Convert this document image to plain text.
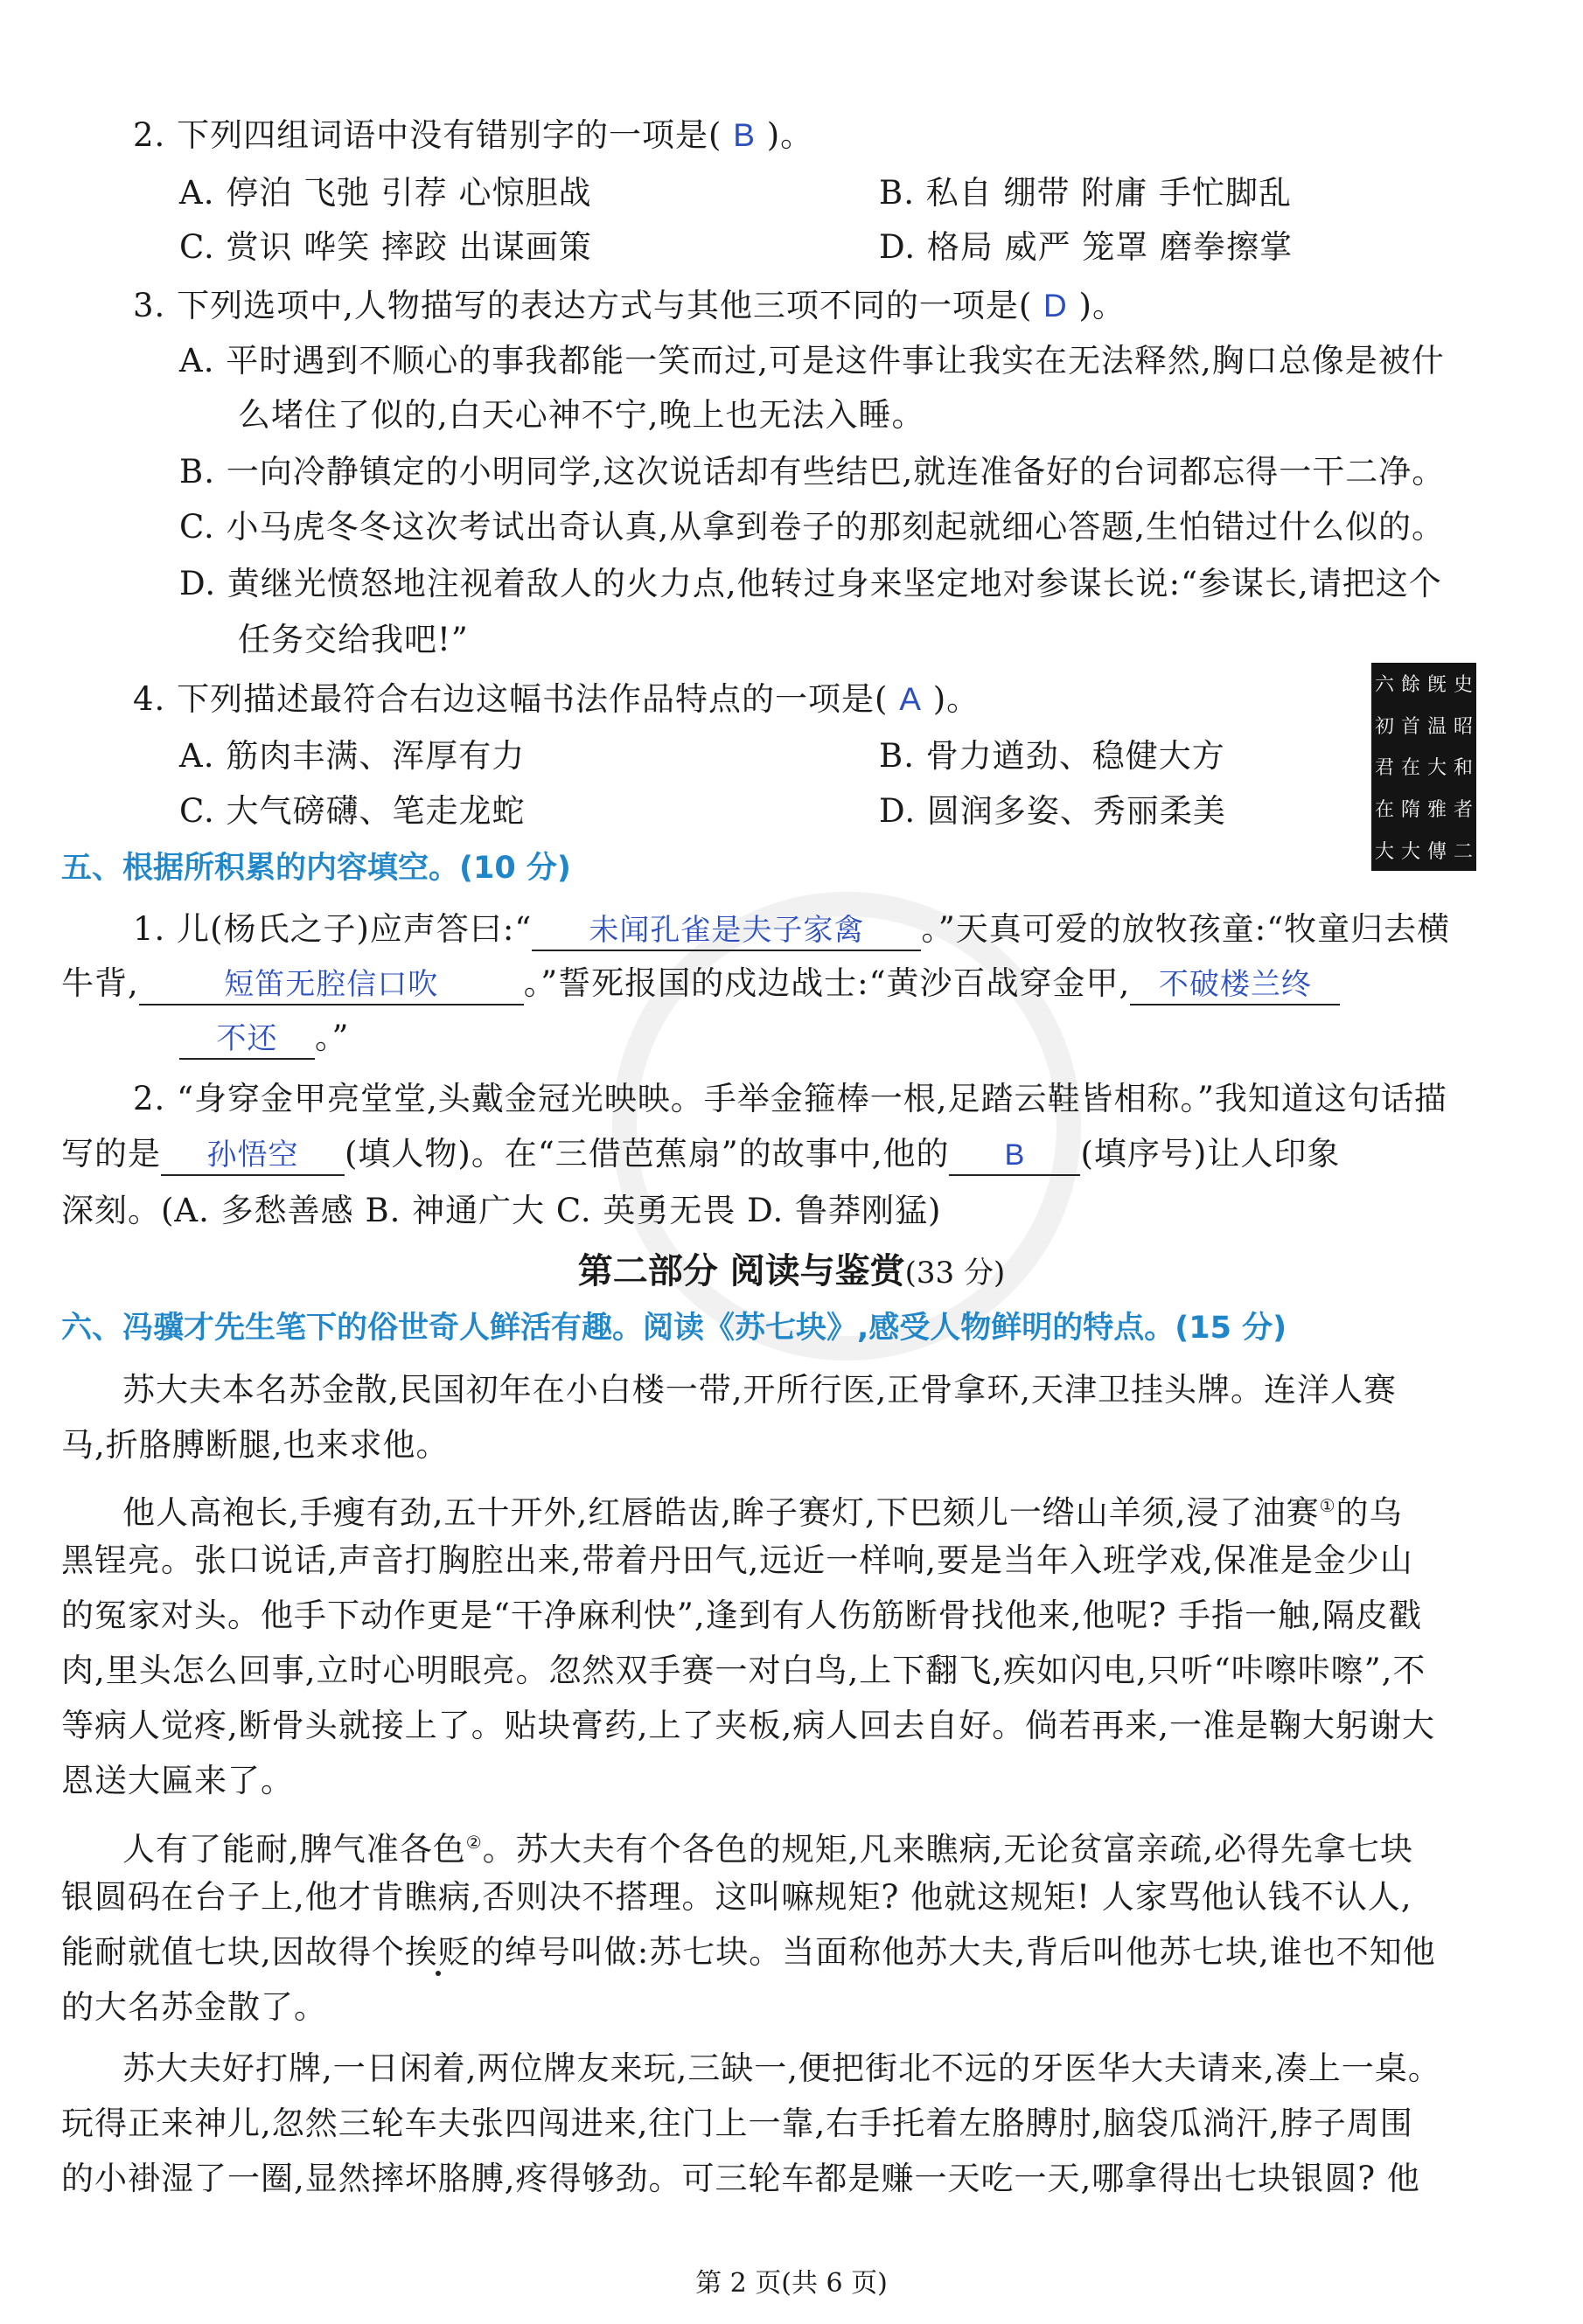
2. 下列四组词语中没有错别字的一项是( B )。
A. 停泊 飞弛 引荐 心惊胆战	B. 私自 绷带 附庸 手忙脚乱
C. 赏识 哗笑 摔跤 出谋画策	D. 格局 威严 笼罩 磨拳擦掌
3. 下列选项中,人物描写的表达方式与其他三项不同的一项是( D )。
A. 平时遇到不顺心的事我都能一笑而过,可是这件事让我实在无法释然,胸口总像是被什
么堵住了似的,白天心神不宁,晚上也无法入睡。
B. 一向冷静镇定的小明同学,这次说话却有些结巴,就连准备好的台词都忘得一干二净。
C. 小马虎冬冬这次考试出奇认真,从拿到卷子的那刻起就细心答题,生怕错过什么似的。
D. 黄继光愤怒地注视着敌人的火力点,他转过身来坚定地对参谋长说:“参谋长,请把这个
任务交给我吧!”
4. 下列描述最符合右边这幅书法作品特点的一项是( A )。
A. 筋肉丰满、浑厚有力	B. 骨力遒劲、稳健大方
C. 大气磅礴、笔走龙蛇	D. 圆润多姿、秀丽柔美
六 餘 旣 史
初 首 温 昭
君 在 大 和
在 隋 雅 者
大 大 傳 二
五、根据所积累的内容填空。(10 分)
1. 儿(杨氏之子)应声答曰:“ 未闻孔雀是夫子家禽 。”天真可爱的放牧孩童:“牧童归去横
牛背,	短笛无腔信口吹	。”誓死报国的戍边战士:“黄沙百战穿金甲, 不破楼兰终
不还 。”
2. “身穿金甲亮堂堂,头戴金冠光映映。手举金箍棒一根,足踏云鞋皆相称。”我知道这句话描
写的是 孙悟空 (填人物)。在“三借芭蕉扇”的故事中,他的 B (填序号)让人印象
深刻。(A. 多愁善感 B. 神通广大 C. 英勇无畏 D. 鲁莽刚猛)
第二部分 阅读与鉴赏(33 分)
六、冯骥才先生笔下的俗世奇人鲜活有趣。阅读《苏七块》,感受人物鲜明的特点。(15 分)
苏大夫本名苏金散,民国初年在小白楼一带,开所行医,正骨拿环,天津卫挂头牌。连洋人赛
马,折胳膊断腿,也来求他。
他人高袍长,手瘦有劲,五十开外,红唇皓齿,眸子赛灯,下巴颏儿一绺山羊须,浸了油赛①的乌
黑锃亮。张口说话,声音打胸腔出来,带着丹田气,远近一样响,要是当年入班学戏,保准是金少山
的冤家对头。他手下动作更是“干净麻利快”,逢到有人伤筋断骨找他来,他呢? 手指一触,隔皮戳
肉,里头怎么回事,立时心明眼亮。忽然双手赛一对白鸟,上下翻飞,疾如闪电,只听“咔嚓咔嚓”,不
等病人觉疼,断骨头就接上了。贴块膏药,上了夹板,病人回去自好。倘若再来,一准是鞠大躬谢大
恩送大匾来了。
人有了能耐,脾气准各色②。苏大夫有个各色的规矩,凡来瞧病,无论贫富亲疏,必得先拿七块
银圆码在台子上,他才肯瞧病,否则决不搭理。这叫嘛规矩? 他就这规矩! 人家骂他认钱不认人,
能耐就值七块,因故得个挨贬的绰号叫做:苏七块。当面称他苏大夫,背后叫他苏七块,谁也不知他
的大名苏金散了。
苏大夫好打牌,一日闲着,两位牌友来玩,三缺一,便把街北不远的牙医华大夫请来,凑上一桌。
玩得正来神儿,忽然三轮车夫张四闯进来,往门上一靠,右手托着左胳膊肘,脑袋瓜淌汗,脖子周围
的小褂湿了一圈,显然摔坏胳膊,疼得够劲。可三轮车都是赚一天吃一天,哪拿得出七块银圆? 他
第 2 页(共 6 页)
